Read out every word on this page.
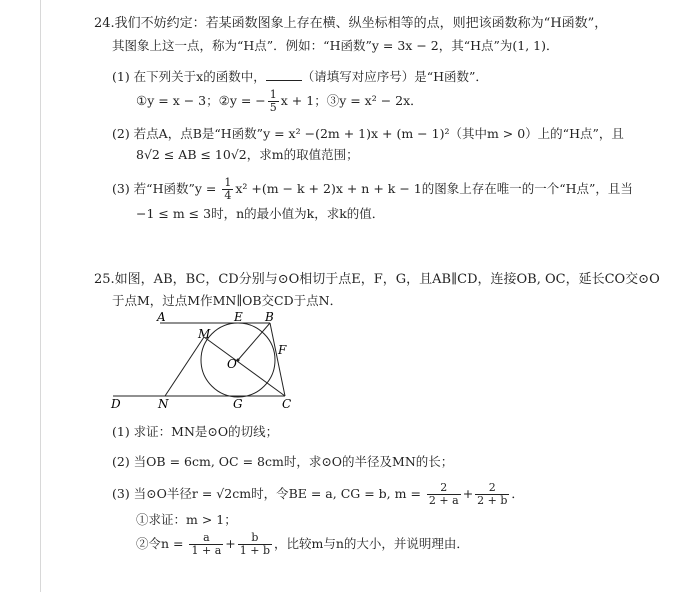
24.我们不妨约定：若某函数图象上存在横、纵坐标相等的点，则把该函数称为“H函数”，
其图象上这一点，称为“H点”．例如：“H函数”y = 3x − 2，其“H点”为(1, 1)．
(1) 在下列关于x的函数中，	（请填写对应序号）是“H函数”．
①y = x − 3；②y = − $\frac{1}{5}$ x + 1；③y = x² − 2x．
(2) 若点A，点B是“H函数”y = x² −(2m + 1)x + (m − 1)²（其中m > 0）上的“H点”，且
8√2 ≤ AB ≤ 10√2，求m的取值范围；
(3) 若“H函数”y = $\frac{1}{4} x^2 +(m - k + 2)x + n + k - 1$的图象上存在唯一的一个“H点”，且当
−1 ≤ m ≤ 3时，n的最小值为k，求k的值．
25.如图，AB，BC，CD分别与⊙O相切于点E，F，G，且AB∥CD，连接OB, OC，延长CO交⊙O
于点M，过点M作MN∥OB交CD于点N．
A	E B
M
O
F
D	N	G	C
(1) 求证：MN是⊙O的切线；
(2) 当OB = 6cm, OC = 8cm时，求⊙O的半径及MN的长；
(3) 当⊙O半径r = √2cm时，令BE = a, CG = b, $m = \frac{2}{2 + a} + \frac{2}{2 + b}$ ．
①求证：m > 1；
②令$n = \frac{a}{1 + a} + \frac{b}{1 + b}$ ，比较m与n的大小，并说明理由．
